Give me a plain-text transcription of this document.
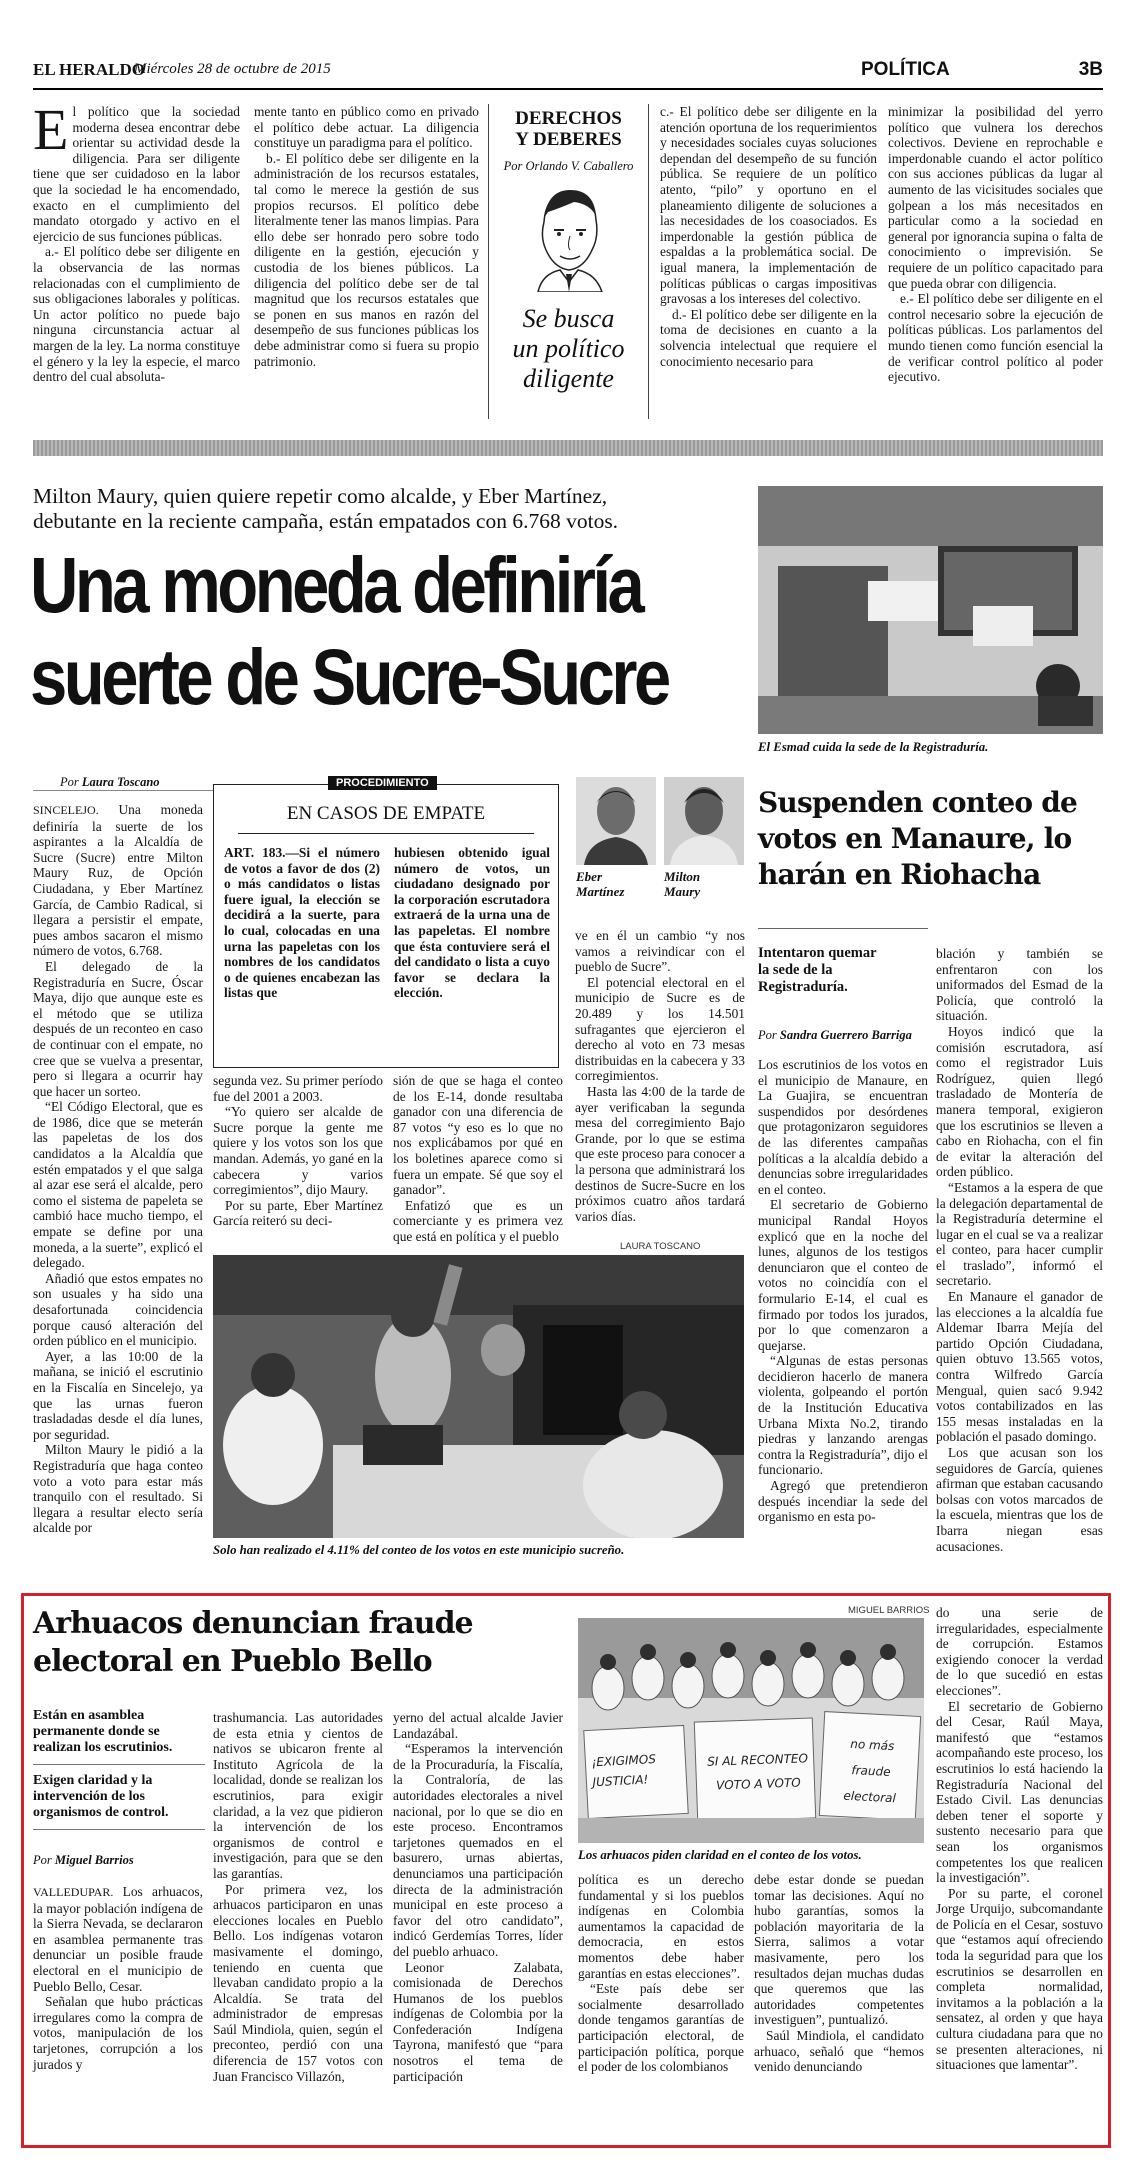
EL HERALDO
Miércoles 28 de octubre de 2015	POLÍTICA	3B
E l político que la sociedad moderna desea encontrar debe orientar su actividad desde la diligencia. Para ser diligente tiene que ser cuidadoso en la labor que la sociedad le ha encomendado, exacto en el cumplimiento del mandato otorgado y activo en el ejercicio de sus funciones públicas.

a.- El político debe ser diligente en la observancia de las normas relacionadas con el cumplimiento de sus obligaciones laborales y políticas. Un actor político no puede bajo ninguna circunstancia actuar al margen de la ley. La norma constituye el género y la ley la especie, el marco dentro del cual absoluta-

mente tanto en público como en privado el político debe actuar. La diligencia constituye un paradigma para el político.

b.- El político debe ser diligente en la administración de los recursos estatales, tal como le merece la gestión de sus propios recursos. El político debe literalmente tener las manos limpias. Para ello debe ser honrado pero sobre todo diligente en la gestión, ejecución y custodia de los bienes públicos. La diligencia del político debe ser de tal magnitud que los recursos estatales que se ponen en sus manos en razón del desempeño de sus funciones públicas los debe administrar como si fuera su propio patrimonio.

DERECHOS
Y DEBERES
Por Orlando V. Caballero
Se busca
un político
diligente

c.- El político debe ser diligente en la atención oportuna de los requerimientos y necesidades sociales cuyas soluciones dependan del desempeño de su función pública. Se requiere de un político atento, “pilo” y oportuno en el planeamiento diligente de soluciones a las necesidades de los coasociados. Es imperdonable la gestión pública de espaldas a la problemática social. De igual manera, la implementación de políticas públicas o cargas impositivas gravosas a los intereses del colectivo.

d.- El político debe ser diligente en la toma de decisiones en cuanto a la solvencia intelectual que requiere el conocimiento necesario para

minimizar la posibilidad del yerro político que vulnera los derechos colectivos. Deviene en reprochable e imperdonable cuando el actor político con sus acciones públicas da lugar al aumento de las vicisitudes sociales que golpean a los más necesitados en particular como a la sociedad en general por ignorancia supina o falta de conocimiento o imprevisión. Se requiere de un político capacitado para que pueda obrar con diligencia.

e.- El político debe ser diligente en el control necesario sobre la ejecución de políticas públicas. Los parlamentos del mundo tienen como función esencial la de verificar control político al poder ejecutivo.

Milton Maury, quien quiere repetir como alcalde, y Eber Martínez,
debutante en la reciente campaña, están empatados con 6.768 votos.
Una moneda definiría
suerte de Sucre-Sucre
El Esmad cuida la sede de la Registraduría.
Por Laura Toscano

SINCELEJO. Una moneda definiría la suerte de los aspirantes a la Alcaldía de Sucre (Sucre) entre Milton Maury Ruz, de Opción Ciudadana, y Eber Martínez García, de Cambio Radical, si llegara a persistir el empate, pues ambos sacaron el mismo número de votos, 6.768.

El delegado de la Registraduría en Sucre, Óscar Maya, dijo que aunque este es el método que se utiliza después de un reconteo en caso de continuar con el empate, no cree que se vuelva a presentar, pero si llegara a ocurrir hay que hacer un sorteo.

“El Código Electoral, que es de 1986, dice que se meterán las papeletas de los dos candidatos a la Alcaldía que estén empatados y el que salga al azar ese será el alcalde, pero como el sistema de papeleta se cambió hace mucho tiempo, el empate se define por una moneda, a la suerte”, explicó el delegado.

Añadió que estos empates no son usuales y ha sido una desafortunada coincidencia porque causó alteración del orden público en el municipio.

Ayer, a las 10:00 de la mañana, se inició el escrutinio en la Fiscalía en Sincelejo, ya que las urnas fueron trasladadas desde el día lunes, por seguridad.

Milton Maury le pidió a la Registraduría que haga conteo voto a voto para estar más tranquilo con el resultado. Si llegara a resultar electo sería alcalde por

PROCEDIMIENTO
EN CASOS DE EMPATE
ART. 183.—Si el número de votos a favor de dos (2) o más candidatos o listas fuere igual, la elección se decidirá a la suerte, para lo cual, colocadas en una urna las papeletas con los nombres de los candidatos o de quienes encabezan las listas que
hubiesen obtenido igual número de votos, un ciudadano designado por la corporación escrutadora extraerá de la urna una de las papeletas. El nombre que ésta contuviere será el del candidato o lista a cuyo favor se declara la elección.
Eber
Martínez
Milton
Maury

ve en él un cambio “y nos vamos a reivindicar con el pueblo de Sucre”.

El potencial electoral en el municipio de Sucre es de 20.489 y los 14.501 sufragantes que ejercieron el derecho al voto en 73 mesas distribuidas en la cabecera y 33 corregimientos.

Hasta las 4:00 de la tarde de ayer verificaban la segunda mesa del corregimiento Bajo Grande, por lo que se estima que este proceso para conocer a la persona que administrará los destinos de Sucre-Sucre en los próximos cuatro años tardará varios días.

segunda vez. Su primer período fue del 2001 a 2003.

“Yo quiero ser alcalde de Sucre porque la gente me quiere y los votos son los que mandan. Además, yo gané en la cabecera y varios corregimientos”, dijo Maury.

Por su parte, Eber Martínez García reiteró su deci-

sión de que se haga el conteo de los E-14, donde resultaba ganador con una diferencia de 87 votos “y eso es lo que no nos explicábamos por qué en los boletines aparece como si fuera un empate. Sé que soy el ganador”.

Enfatizó que es un comerciante y es primera vez que está en política y el pueblo

LAURA TOSCANO
Solo han realizado el 4.11% del conteo de los votos en este municipio sucreño.
Suspenden conteo de
votos en Manaure, lo
harán en Riohacha
Intentaron quemar
la sede de la
Registraduría.
Por Sandra Guerrero Barriga

Los escrutinios de los votos en el municipio de Manaure, en La Guajira, se encuentran suspendidos por desórdenes que protagonizaron seguidores de las diferentes campañas políticas a la alcaldía debido a denuncias sobre irregularidades en el conteo.

El secretario de Gobierno municipal Randal Hoyos explicó que en la noche del lunes, algunos de los testigos denunciaron que el conteo de votos no coincidía con el formulario E-14, el cual es firmado por todos los jurados, por lo que comenzaron a quejarse.

“Algunas de estas personas decidieron hacerlo de manera violenta, golpeando el portón de la Institución Educativa Urbana Mixta No.2, tirando piedras y lanzando arengas contra la Registraduría”, dijo el funcionario.

Agregó que pretendieron después incendiar la sede del organismo en esta po-

blación y también se enfrentaron con los uniformados del Esmad de la Policía, que controló la situación.

Hoyos indicó que la comisión escrutadora, así como el registrador Luis Rodríguez, quien llegó trasladado de Montería de manera temporal, exigieron que los escrutinios se lleven a cabo en Riohacha, con el fin de evitar la alteración del orden público.

“Estamos a la espera de que la delegación departamental de la Registraduría determine el lugar en el cual se va a realizar el conteo, para hacer cumplir el traslado”, informó el secretario.

En Manaure el ganador de las elecciones a la alcaldía fue Aldemar Ibarra Mejía del partido Opción Ciudadana, quien obtuvo 13.565 votos, contra Wilfredo García Mengual, quien sacó 9.942 votos contabilizados en las 155 mesas instaladas en la población el pasado domingo.

Los que acusan son los seguidores de García, quienes afirman que estaban cacusando bolsas con votos marcados de la escuela, mientras que los de Ibarra niegan esas acusaciones.

Arhuacos denuncian fraude
electoral en Pueblo Bello
Están en asamblea permanente donde se realizan los escrutinios.
Exigen claridad y la intervención de los organismos de control.
Por Miguel Barrios

VALLEDUPAR. Los arhuacos, la mayor población indígena de la Sierra Nevada, se declararon en asamblea permanente tras denunciar un posible fraude electoral en el municipio de Pueblo Bello, Cesar.

Señalan que hubo prácticas irregulares como la compra de votos, manipulación de los tarjetones, corrupción a los jurados y

trashumancia. Las autoridades de esta etnia y cientos de nativos se ubicaron frente al Instituto Agrícola de la localidad, donde se realizan los escrutinios, para exigir claridad, a la vez que pidieron la intervención de los organismos de control e investigación, para que se den las garantías.

Por primera vez, los arhuacos participaron en unas elecciones locales en Pueblo Bello. Los indígenas votaron masivamente el domingo, teniendo en cuenta que llevaban candidato propio a la Alcaldía. Se trata del administrador de empresas Saúl Mindiola, quien, según el preconteo, perdió con una diferencia de 157 votos con Juan Francisco Villazón,

yerno del actual alcalde Javier Landazábal.

“Esperamos la intervención de la Procuraduría, la Fiscalía, la Contraloría, de las autoridades electorales a nivel nacional, por lo que se dio en este proceso. Encontramos tarjetones quemados en el basurero, urnas abiertas, denunciamos una participación directa de la administración municipal en este proceso a favor del otro candidato”, indicó Gerdemías Torres, líder del pueblo arhuaco.

Leonor Zalabata, comisionada de Derechos Humanos de los pueblos indígenas de Colombia por la Confederación Indígena Tayrona, manifestó que “para nosotros el tema de participación

MIGUEL BARRIOS
¡EXIGIMOS JUSTICIA!
SI AL RECONTEO
VOTO A VOTO
no más fraude
electoral
Los arhuacos piden claridad en el conteo de los votos.

política es un derecho fundamental y si los pueblos indígenas en Colombia aumentamos la capacidad de democracia, en estos momentos debe haber garantías en estas elecciones”.

“Este país debe ser socialmente desarrollado donde tengamos garantías de participación electoral, de participación política, porque el poder de los colombianos

debe estar donde se puedan tomar las decisiones. Aquí no hubo garantías, somos la población mayoritaria de la Sierra, salimos a votar masivamente, pero los resultados dejan muchas dudas que queremos que las autoridades competentes investiguen”, puntualizó.

Saúl Mindiola, el candidato arhuaco, señaló que “hemos venido denunciando

do una serie de irregularidades, especialmente de corrupción. Estamos exigiendo conocer la verdad de lo que sucedió en estas elecciones”.

El secretario de Gobierno del Cesar, Raúl Maya, manifestó que “estamos acompañando este proceso, los escrutinios lo está haciendo la Registraduría Nacional del Estado Civil. Las denuncias deben tener el soporte y sustento necesario para que sean los organismos competentes los que realicen la investigación”.

Por su parte, el coronel Jorge Urquijo, subcomandante de Policía en el Cesar, sostuvo que “estamos aquí ofreciendo toda la seguridad para que los escrutinios se desarrollen en completa normalidad, invitamos a la población a la sensatez, al orden y que haya cultura ciudadana para que no se presenten alteraciones, ni situaciones que lamentar”.
